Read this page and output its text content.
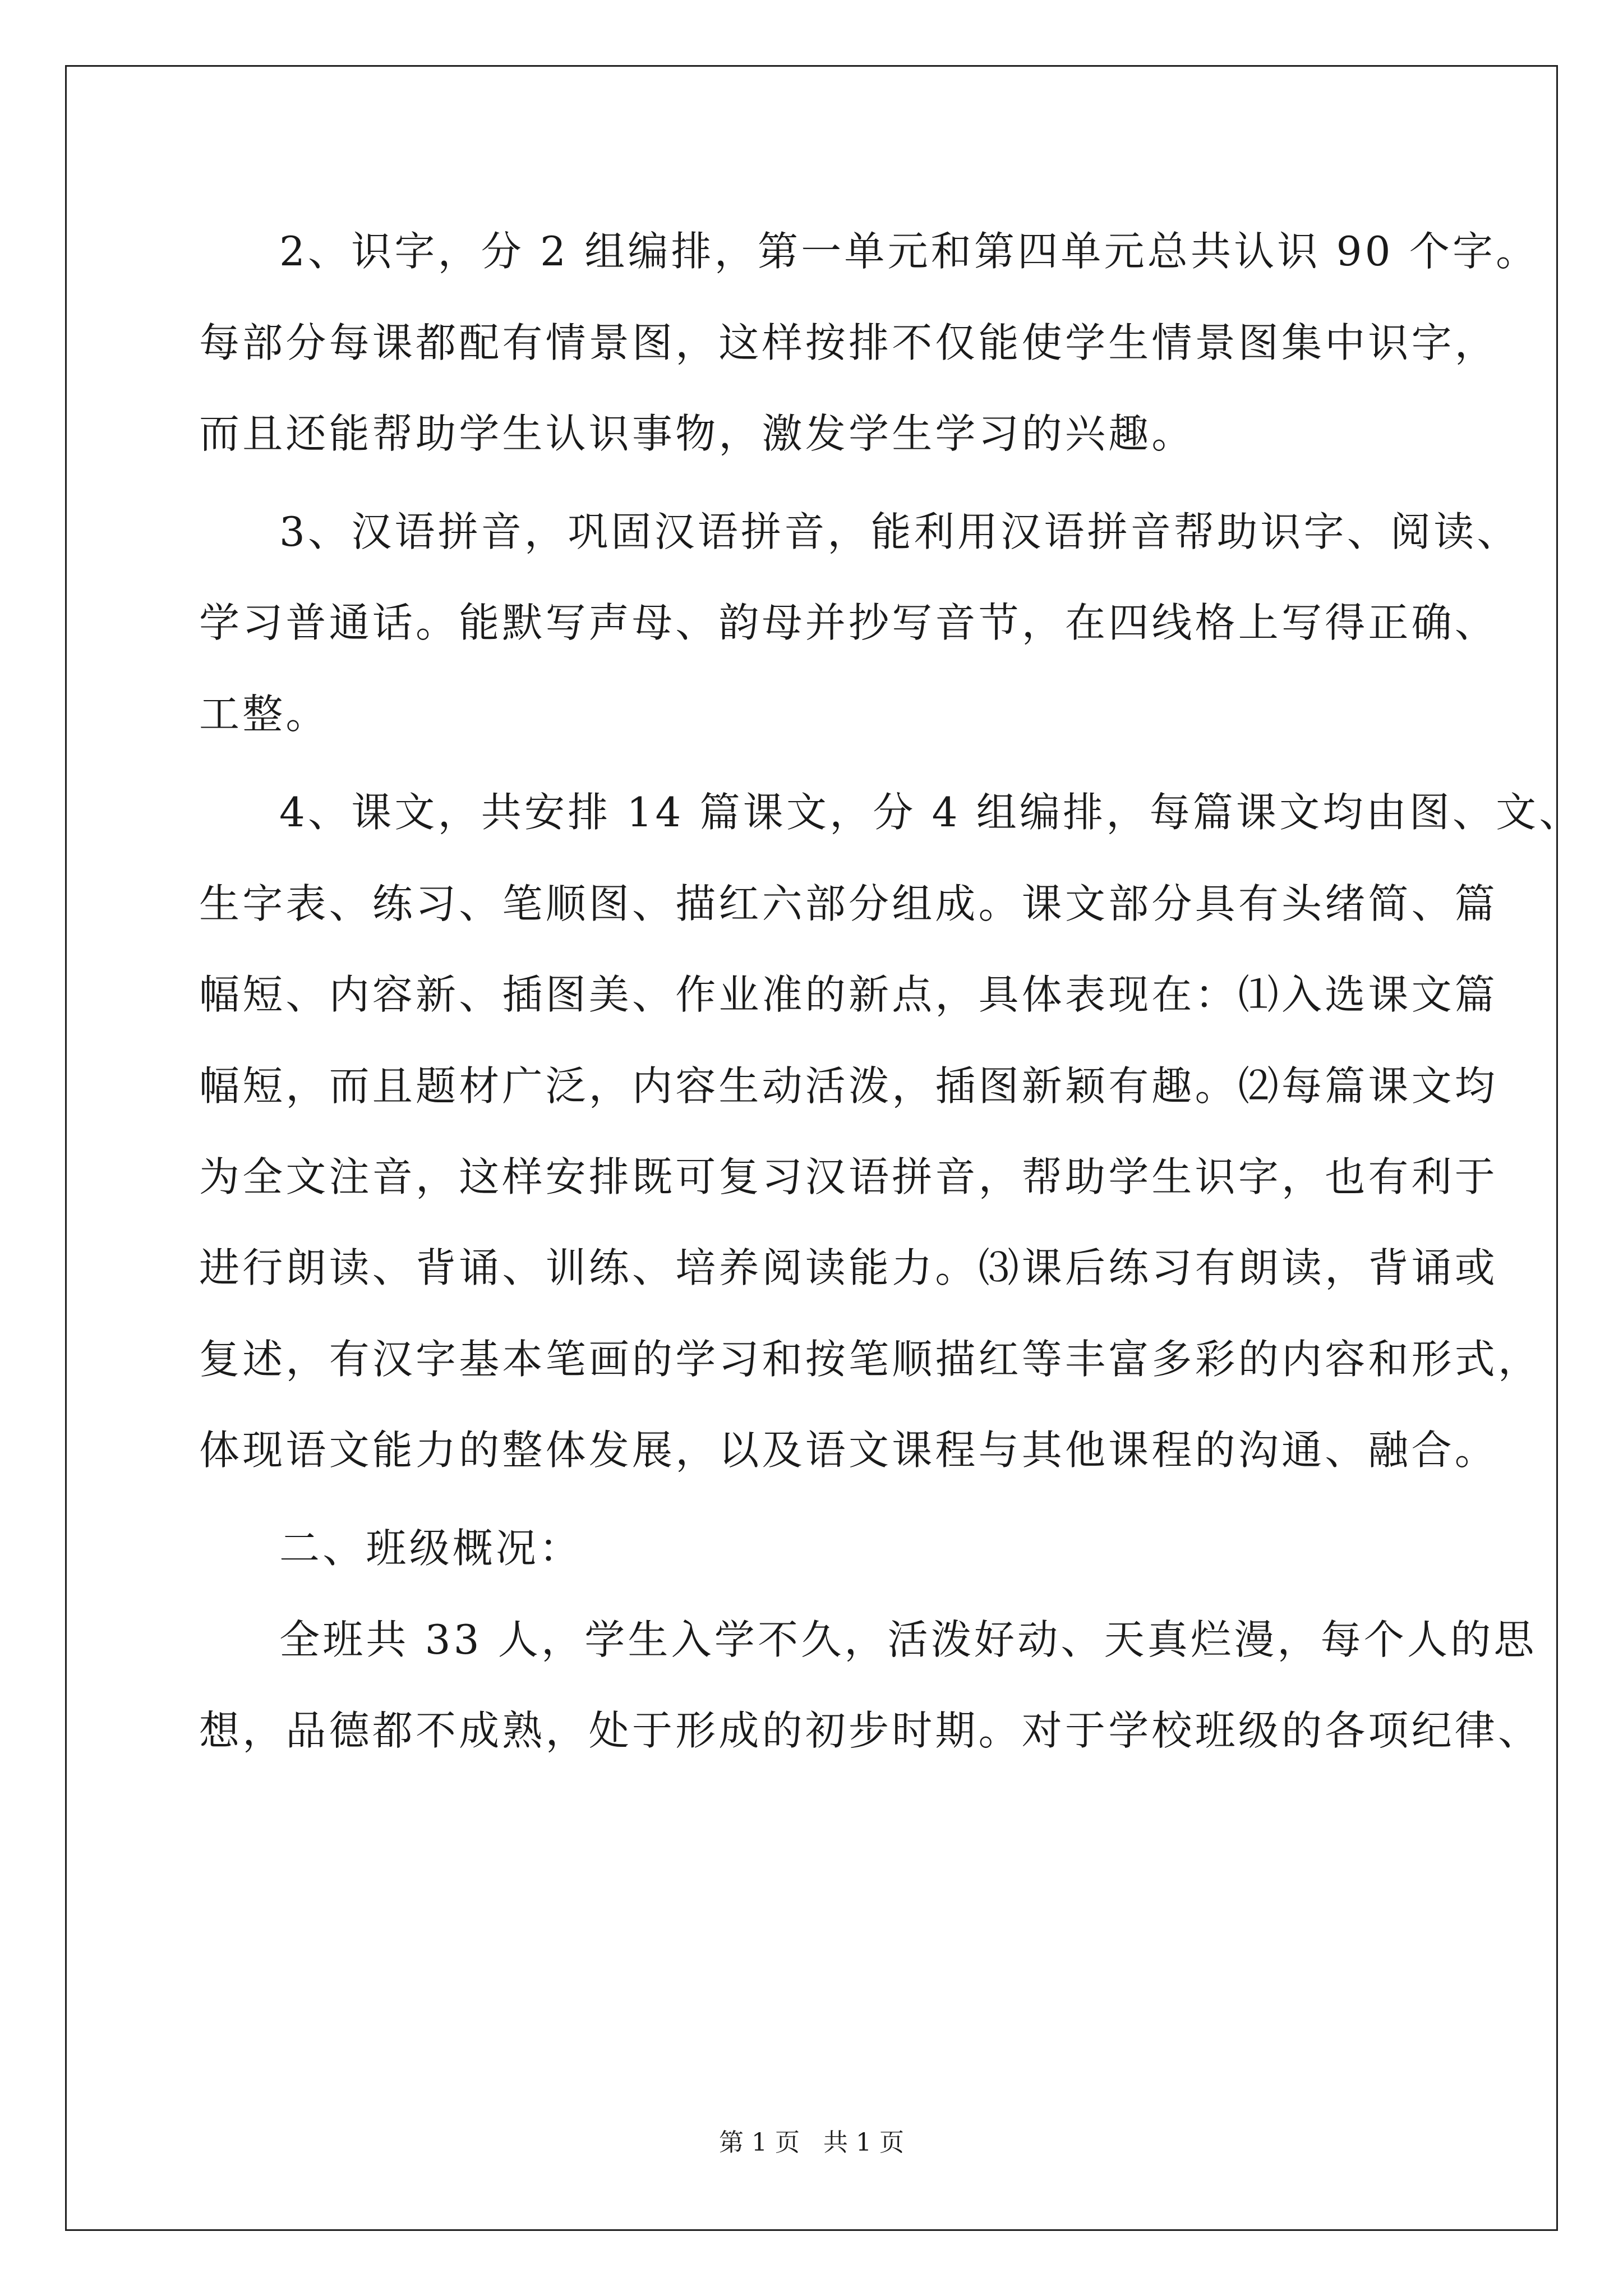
2、识字，分 2 组编排，第一单元和第四单元总共认识 90 个字。
每部分每课都配有情景图，这样按排不仅能使学生情景图集中识字，
而且还能帮助学生认识事物，激发学生学习的兴趣。
3、汉语拼音，巩固汉语拼音，能利用汉语拼音帮助识字、阅读、
学习普通话。能默写声母、韵母并抄写音节，在四线格上写得正确、
工整。
4、课文，共安排 14 篇课文，分 4 组编排，每篇课文均由图、文、
生字表、练习、笔顺图、描红六部分组成。课文部分具有头绪简、篇
幅短、内容新、插图美、作业准的新点，具体表现在：⑴入选课文篇
幅短，而且题材广泛，内容生动活泼，插图新颖有趣。⑵每篇课文均
为全文注音，这样安排既可复习汉语拼音，帮助学生识字，也有利于
进行朗读、背诵、训练、培养阅读能力。⑶课后练习有朗读，背诵或
复述，有汉字基本笔画的学习和按笔顺描红等丰富多彩的内容和形式，
体现语文能力的整体发展，以及语文课程与其他课程的沟通、融合。
二、班级概况：
全班共 33 人，学生入学不久，活泼好动、天真烂漫，每个人的思
想，品德都不成熟，处于形成的初步时期。对于学校班级的各项纪律、
第 1 页   共 1 页
